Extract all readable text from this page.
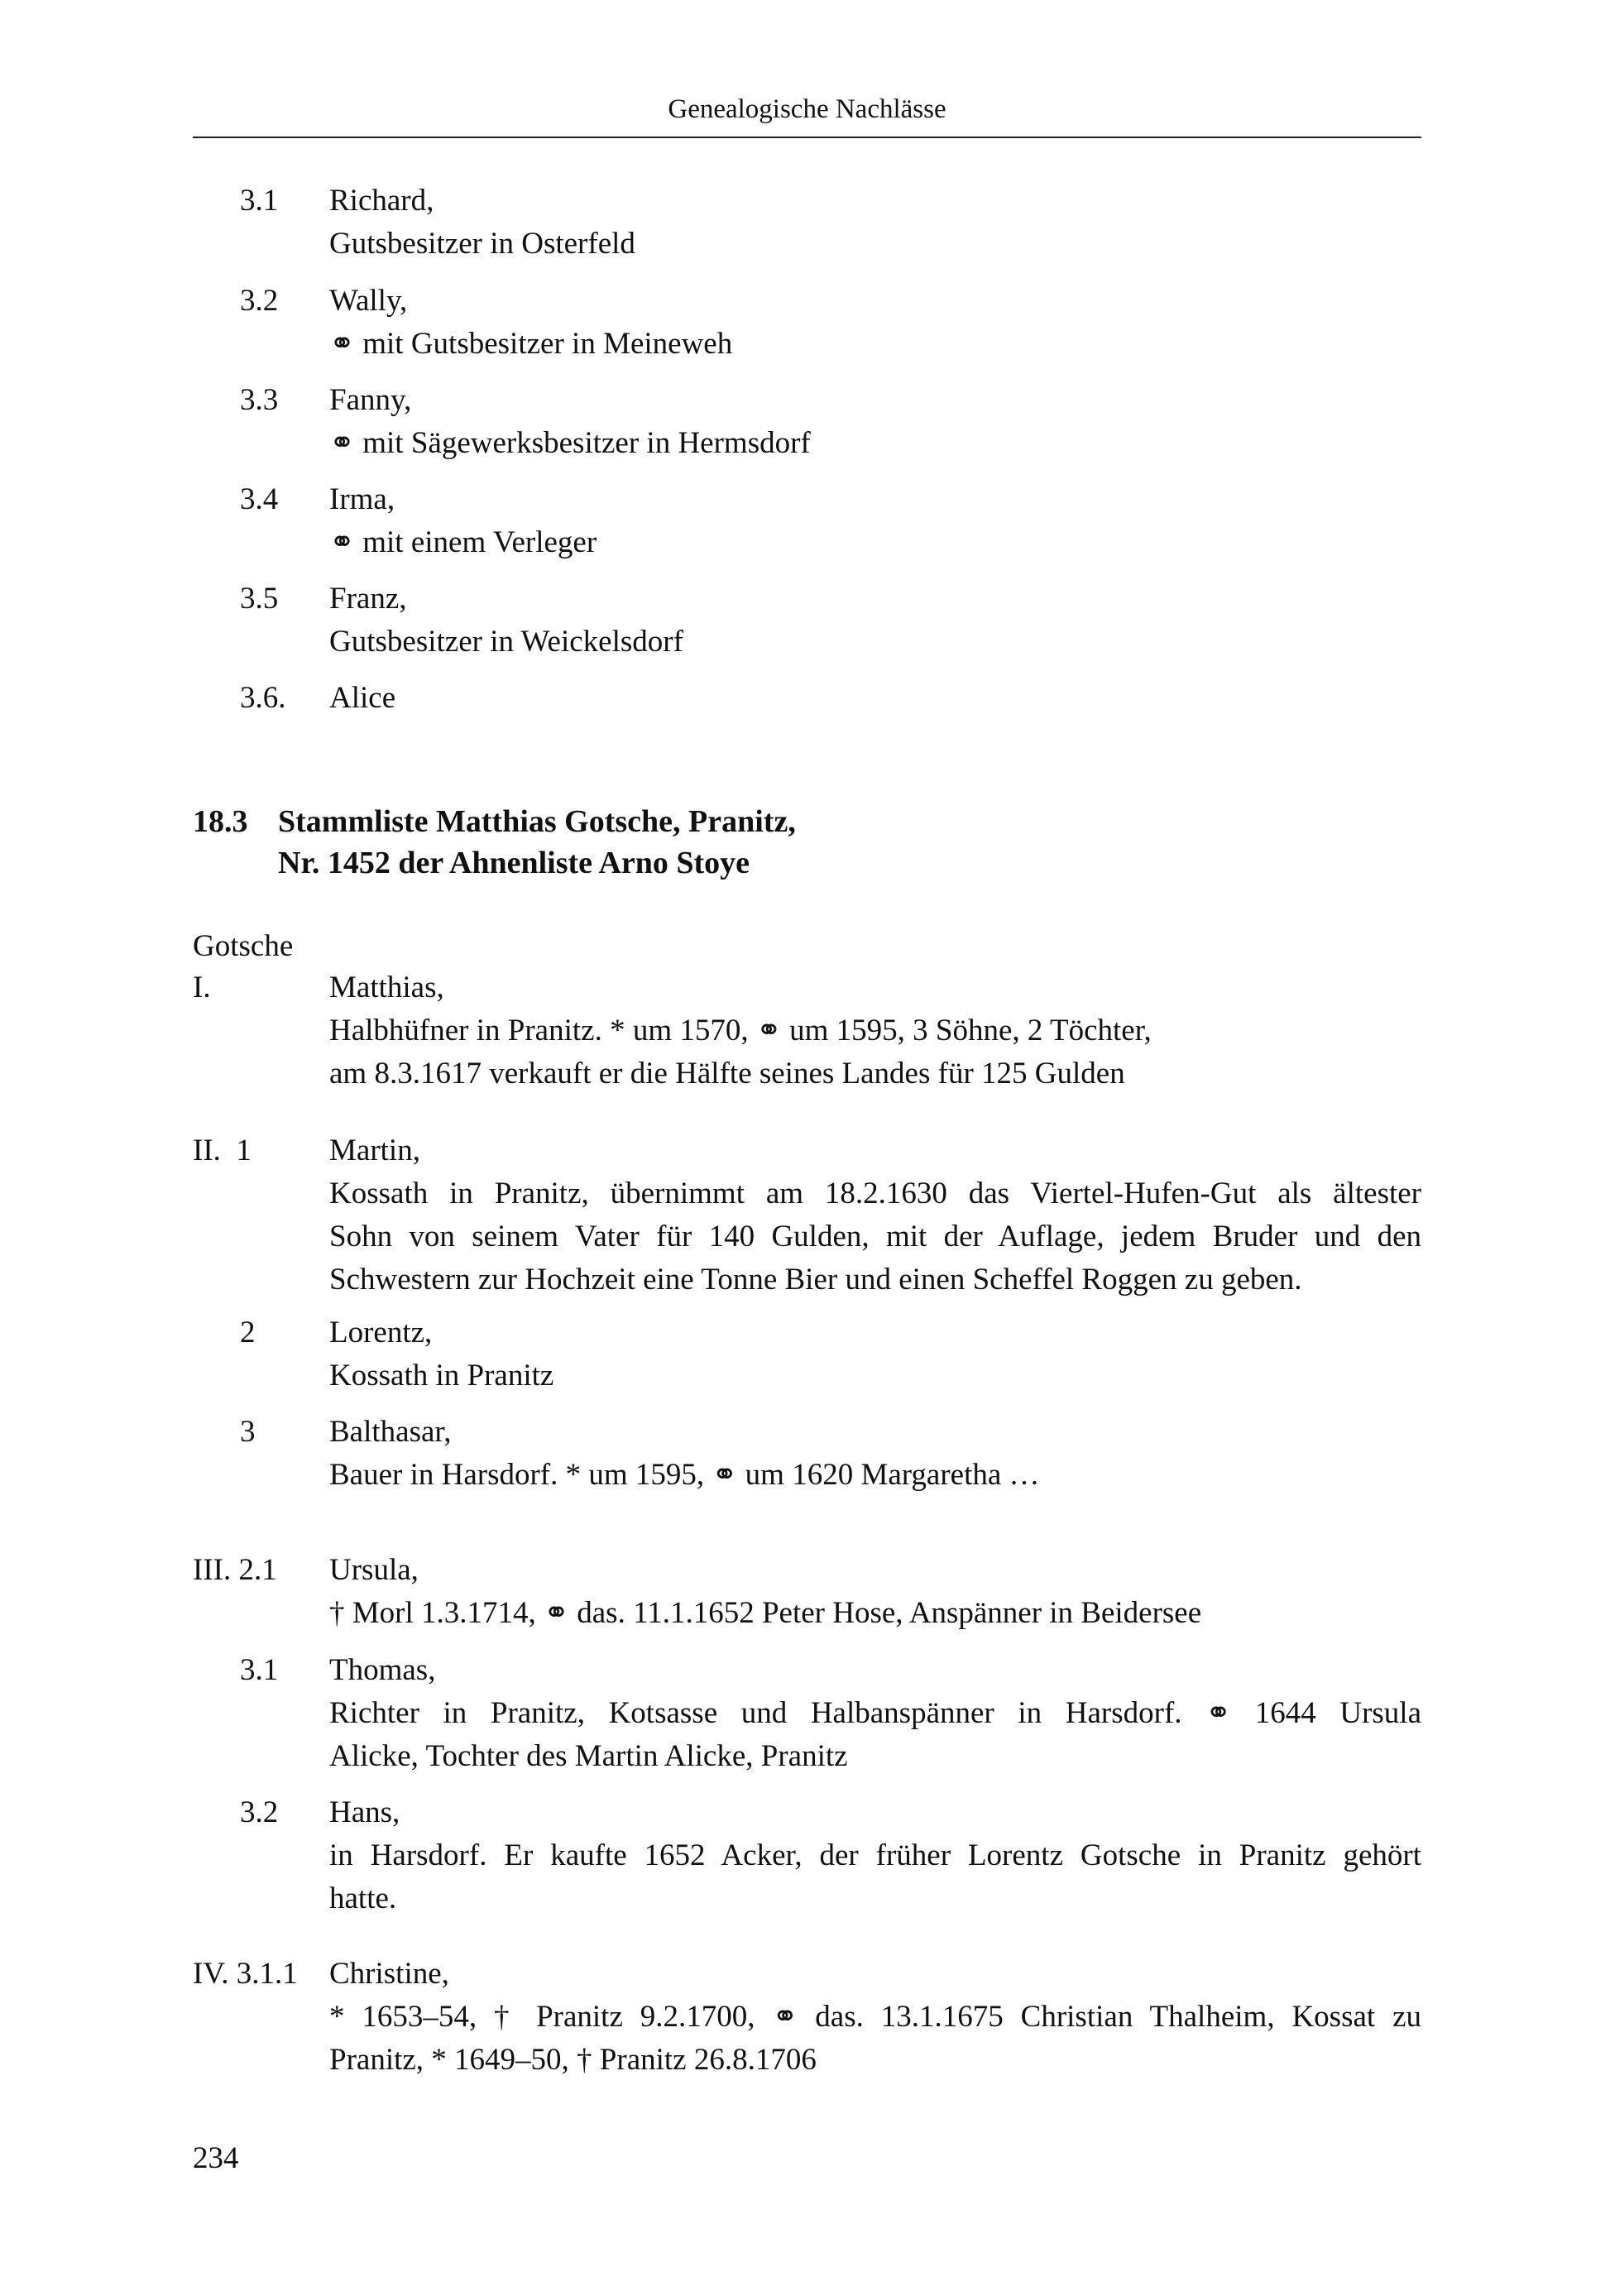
Genealogische Nachlässe
3.1 Richard,
Gutsbesitzer in Osterfeld
3.2 Wally,
⚭ mit Gutsbesitzer in Meineweh
3.3 Fanny,
⚭ mit Sägewerksbesitzer in Hermsdorf
3.4 Irma,
⚭ mit einem Verleger
3.5 Franz,
Gutsbesitzer in Weickelsdorf
3.6. Alice
18.3 Stammliste Matthias Gotsche, Pranitz,
Nr. 1452 der Ahnenliste Arno Stoye
Gotsche
I.	Matthias,
Halbhüfner in Pranitz. * um 1570, ⚭ um 1595, 3 Söhne, 2 Töchter,
am 8.3.1617 verkauft er die Hälfte seines Landes für 125 Gulden
II.  1	Martin,
Kossath in Pranitz, übernimmt am 18.2.1630 das Viertel-Hufen-Gut als ältester
Sohn von seinem Vater für 140 Gulden, mit der Auflage, jedem Bruder und den
Schwestern zur Hochzeit eine Tonne Bier und einen Scheffel Roggen zu geben.
2 Lorentz,
Kossath in Pranitz
3 Balthasar,
Bauer in Harsdorf. * um 1595, ⚭ um 1620 Margaretha …
III. 2.1 Ursula,
† Morl 1.3.1714, ⚭ das. 11.1.1652 Peter Hose, Anspänner in Beidersee
3.1 Thomas,
Richter in Pranitz, Kotsasse und Halbanspänner in Harsdorf. ⚭ 1644 Ursula
Alicke, Tochter des Martin Alicke, Pranitz
3.2 Hans,
in Harsdorf. Er kaufte 1652 Acker, der früher Lorentz Gotsche in Pranitz gehört
hatte.
IV. 3.1.1 Christine,
* 1653–54, † Pranitz 9.2.1700, ⚭ das. 13.1.1675 Christian Thalheim, Kossat zu
Pranitz, * 1649–50, † Pranitz 26.8.1706
234
